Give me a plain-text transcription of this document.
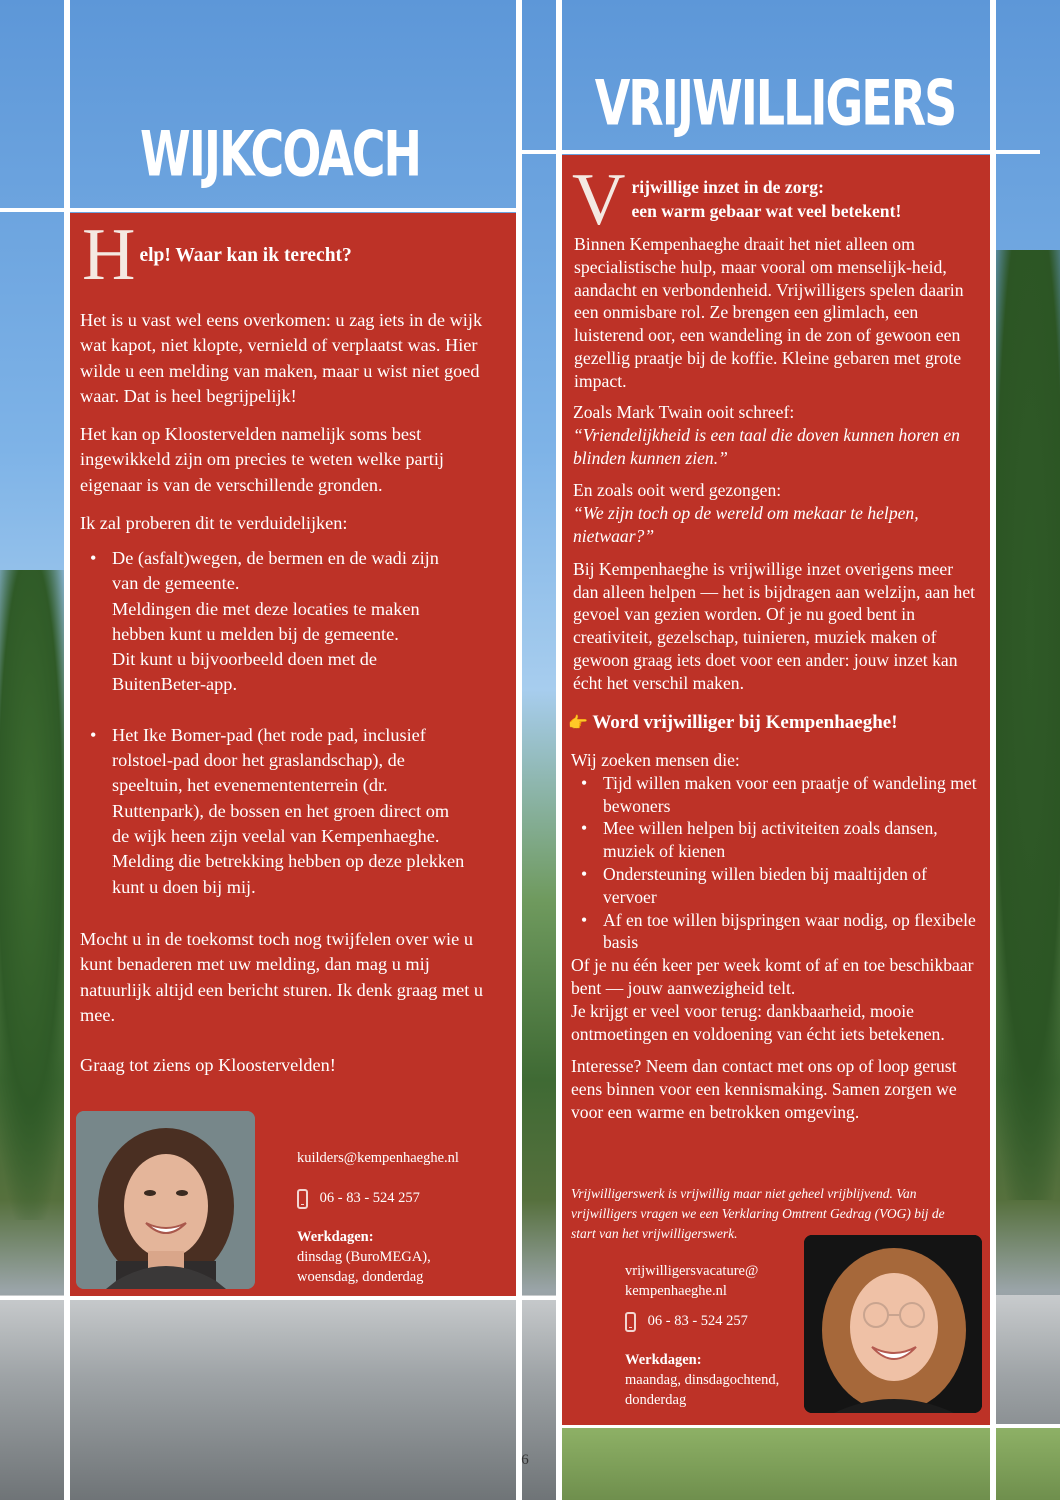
WIJKCOACH
H elp! Waar kan ik terecht?

Het is u vast wel eens overkomen: u zag iets in de wijk wat kapot, niet klopte, vernield of verplaatst was. Hier wilde u een melding van maken, maar u wist niet goed waar. Dat is heel begrijpelijk!

Het kan op Kloostervelden namelijk soms best ingewikkeld zijn om precies te weten welke partij eigenaar is van de verschillende gronden.

Ik zal proberen dit te verduidelijken:

• De (asfalt)wegen, de bermen en de wadi zijn
van de gemeente.
Meldingen die met deze locaties te maken
hebben kunt u melden bij de gemeente.
Dit kunt u bijvoorbeeld doen met de
BuitenBeter-app.
• Het Ike Bomer-pad (het rode pad, inclusief
rolstoel-pad door het graslandschap), de
speeltuin, het evenemententerrein (dr.
Ruttenpark), de bossen en het groen direct om
de wijk heen zijn veelal van Kempenhaeghe.
Melding die betrekking hebben op deze plekken
kunt u doen bij mij.

Mocht u in de toekomst toch nog twijfelen over wie u kunt benaderen met uw melding, dan mag u mij natuurlijk altijd een bericht sturen. Ik denk graag met u mee.

Graag tot ziens op Kloostervelden!

kuilders@kempenhaeghe.nl
06 - 83 - 524 257
Werkdagen:
dinsdag (BuroMEGA),
woensdag, donderdag
VRIJWILLIGERS
V rijwillige inzet in de zorg:
een warm gebaar wat veel betekent!

Binnen Kempenhaeghe draait het niet alleen om specialistische hulp, maar vooral om menselijk-heid, aandacht en verbondenheid. Vrijwilligers spelen daarin een onmisbare rol. Ze brengen een glimlach, een luisterend oor, een wandeling in de zon of gewoon een gezellig praatje bij de koffie. Kleine gebaren met grote impact.

Zoals Mark Twain ooit schreef:

“Vriendelijkheid is een taal die doven kunnen horen en blinden kunnen zien.”

En zoals ooit werd gezongen:

“We zijn toch op de wereld om mekaar te helpen, nietwaar?”

Bij Kempenhaeghe is vrijwillige inzet overigens meer dan alleen helpen — het is bijdragen aan welzijn, aan het gevoel van gezien worden. Of je nu goed bent in creativiteit, gezelschap, tuinieren, muziek maken of gewoon graag iets doet voor een ander: jouw inzet kan écht het verschil maken.

👉 Word vrijwilliger bij Kempenhaeghe!

Wij zoeken mensen die:

• Tijd willen maken voor een praatje of wandeling met bewoners
• Mee willen helpen bij activiteiten zoals dansen, muziek of kienen
• Ondersteuning willen bieden bij maaltijden of vervoer
• Af en toe willen bijspringen waar nodig, op flexibele basis

Of je nu één keer per week komt of af en toe beschikbaar bent — jouw aanwezigheid telt.

Je krijgt er veel voor terug: dankbaarheid, mooie ontmoetingen en voldoening van écht iets betekenen.

Interesse? Neem dan contact met ons op of loop gerust eens binnen voor een kennismaking. Samen zorgen we voor een warme en betrokken omgeving.

Vrijwilligerswerk is vrijwillig maar niet geheel vrijblijvend. Van vrijwilligers vragen we een Verklaring Omtrent Gedrag (VOG) bij de start van het vrijwilligerswerk.
vrijwilligersvacature@
kempenhaeghe.nl
06 - 83 - 524 257
Werkdagen:
maandag, dinsdagochtend,
donderdag
6
